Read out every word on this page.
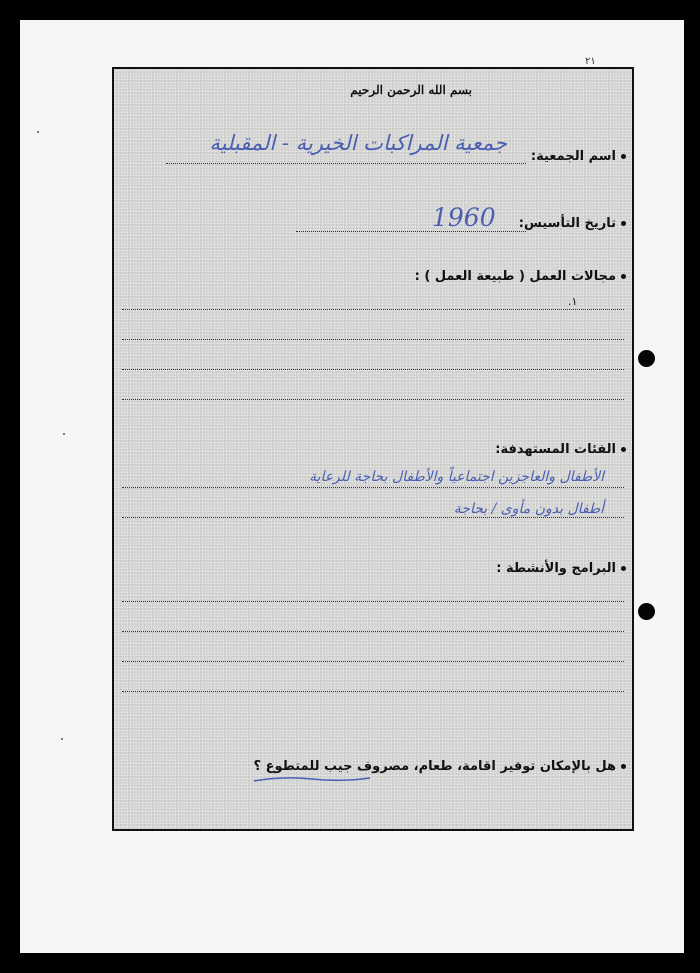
٢١
بسم الله الرحمن الرحيم
اسم الجمعية:
جمعية المراكبات الخيرية - المقبلية
تاريخ التأسيس:
1960
مجالات العمل ( طبيعة العمل ) :
١.
الفئات المستهدفة:
الأطفال والعاجزين اجتماعياً والأطفال بحاجة للرعاية
أطفال بدون مأوى / بحاجة
البرامج والأنشطة :
هل بالإمكان توفير اقامة، طعام، مصروف جيب للمتطوع ؟
